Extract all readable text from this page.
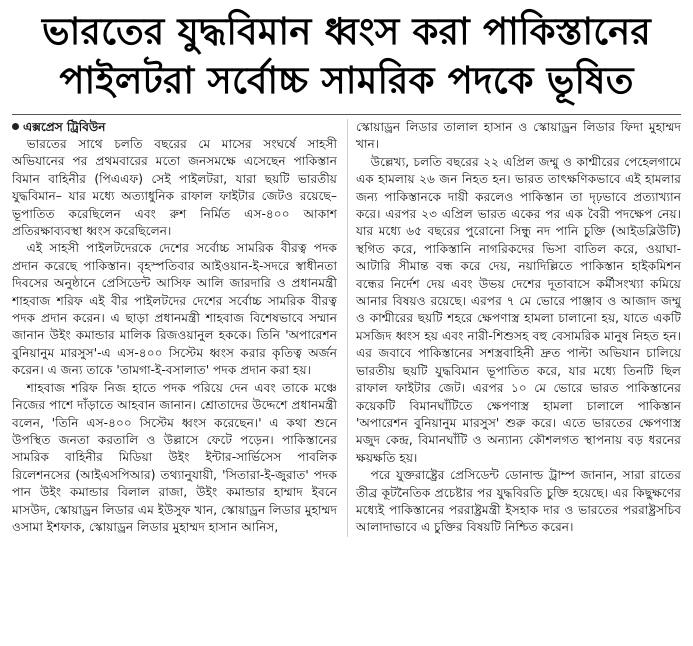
ভারতের যুদ্ধবিমান ধ্বংস করা পাকিস্তানের
পাইলটরা সর্বোচ্চ সামরিক পদকে ভূষিত
এক্সপ্রেস ট্রিবিউন

ভারতের সাথে চলতি বছরের মে মাসের সংঘর্ষে সাহসী অভিযানের পর প্রথমবারের মতো জনসমক্ষে এসেছেন পাকিস্তান বিমান বাহিনীর (পিএএফ) সেই পাইলটরা, যারা ছয়টি ভারতীয় যুদ্ধবিমান– যার মধ্যে অত্যাধুনিক রাফাল ফাইটার জেটও রয়েছে– ভূপাতিত করেছিলেন এবং রুশ নির্মিত এস-৪০০ আকাশ প্রতিরক্ষাব্যবস্থা ধ্বংস করেছিলেন।

এই সাহসী পাইলটদেরকে দেশের সর্বোচ্চ সামরিক বীরত্ব পদক প্রদান করেছে পাকিস্তান। বৃহস্পতিবার আইওয়ান-ই-সদরে স্বাধীনতা দিবসের অনুষ্ঠানে প্রেসিডেন্ট আসিফ আলি জারদারি ও প্রধানমন্ত্রী শাহবাজ শরিফ এই বীর পাইলটদের দেশের সর্বোচ্চ সামরিক বীরত্ব পদক প্রদান করেন। এ ছাড়া প্রধানমন্ত্রী শাহবাজ বিশেষভাবে সম্মান জানান উইং কমান্ডার মালিক রিজওয়ানুল হককে। তিনি 'অপারেশন বুনিয়ানুম মারসুস'-এ এস-৪০০ সিস্টেম ধ্বংস করার কৃতিত্ব অর্জন করেন। এ জন্য তাকে 'তামগা-ই-বসালাত' পদক প্রদান করা হয়।

শাহবাজ শরিফ নিজ হাতে পদক পরিয়ে দেন এবং তাকে মঞ্চে নিজের পাশে দাঁড়াতে আহবান জানান। শ্রোতাদের উদ্দেশে প্রধানমন্ত্রী বলেন, 'তিনি এস-৪০০ সিস্টেম ধ্বংস করেছেন।' এ কথা শুনে উপস্থিত জনতা করতালি ও উল্লাসে ফেটে পড়েন। পাকিস্তানের সামরিক বাহিনীর মিডিয়া উইং ইন্টার-সার্ভিসেস পাবলিক রিলেশনসের (আইএসপিআর) তথ্যানুযায়ী, 'সিতারা-ই-জুরাত' পদক পান উইং কমান্ডার বিলাল রাজা, উইং কমান্ডার হাম্মাদ ইবনে মাসউদ, স্কোয়াড্রন লিডার এম ইউসুফ খান, স্কোয়াড্রন লিডার মুহাম্মদ ওসামা ইশফাক, স্কোয়াড্রন লিডার মুহাম্মদ হাসান আনিস,

স্কোয়াড্রন লিডার তালাল হাসান ও স্কোয়াড্রন লিডার ফিদা মুহাম্মদ খান।

উল্লেখ্য, চলতি বছরের ২২ এপ্রিল জম্মু ও কাশ্মীরের পেহেলগামে এক হামলায় ২৬ জন নিহত হন। ভারত তাৎক্ষণিকভাবে এই হামলার জন্য পাকিস্তানকে দায়ী করলেও পাকিস্তান তা দৃঢ়ভাবে প্রত্যাখ্যান করে। এরপর ২৩ এপ্রিল ভারত একের পর এক বৈরী পদক্ষেপ নেয়। যার মধ্যে ৬৫ বছরের পুরোনো সিন্ধু নদ পানি চুক্তি (আইডব্লিউটি) স্থগিত করে, পাকিস্তানি নাগরিকদের ভিসা বাতিল করে, ওয়াঘা-আটারি সীমান্ত বন্ধ করে দেয়, নয়াদিল্লিতে পাকিস্তান হাইকমিশন বন্ধের নির্দেশ দেয় এবং উভয় দেশের দূতাবাসে কর্মীসংখ্যা কমিয়ে আনার বিষয়ও রয়েছে। এরপর ৭ মে ভোরে পাঞ্জাব ও আজাদ জম্মু ও কাশ্মীরের ছয়টি শহরে ক্ষেপণাস্ত্র হামলা চালানো হয়, যাতে একটি মসজিদ ধ্বংস হয় এবং নারী-শিশুসহ বহু বেসামরিক মানুষ নিহত হন। এর জবাবে পাকিস্তানের সশস্ত্রবাহিনী দ্রুত পাল্টা অভিযান চালিয়ে ভারতীয় ছয়টি যুদ্ধবিমান ভূপাতিত করে, যার মধ্যে তিনটি ছিল রাফাল ফাইটার জেট। এরপর ১০ মে ভোরে ভারত পাকিস্তানের কয়েকটি বিমানঘাঁটিতে ক্ষেপণাস্ত্র হামলা চালালে পাকিস্তান 'অপারেশন বুনিয়ানুম মারসুস' শুরু করে। এতে ভারতের ক্ষেপণাস্ত্র মজুদ কেন্দ্র, বিমানঘাঁটি ও অন্যান্য কৌশলগত স্থাপনায় বড় ধরনের ক্ষয়ক্ষতি হয়।

পরে যুক্তরাষ্ট্রের প্রেসিডেন্ট ডোনাল্ড ট্রাম্প জানান, সারা রাতের তীব্র কূটনৈতিক প্রচেষ্টার পর যুদ্ধবিরতি চুক্তি হয়েছে। এর কিছুক্ষণের মধ্যেই পাকিস্তানের পররাষ্ট্রমন্ত্রী ইসহাক দার ও ভারতের পররাষ্ট্রসচিব আলাদাভাবে এ চুক্তির বিষয়টি নিশ্চিত করেন।
